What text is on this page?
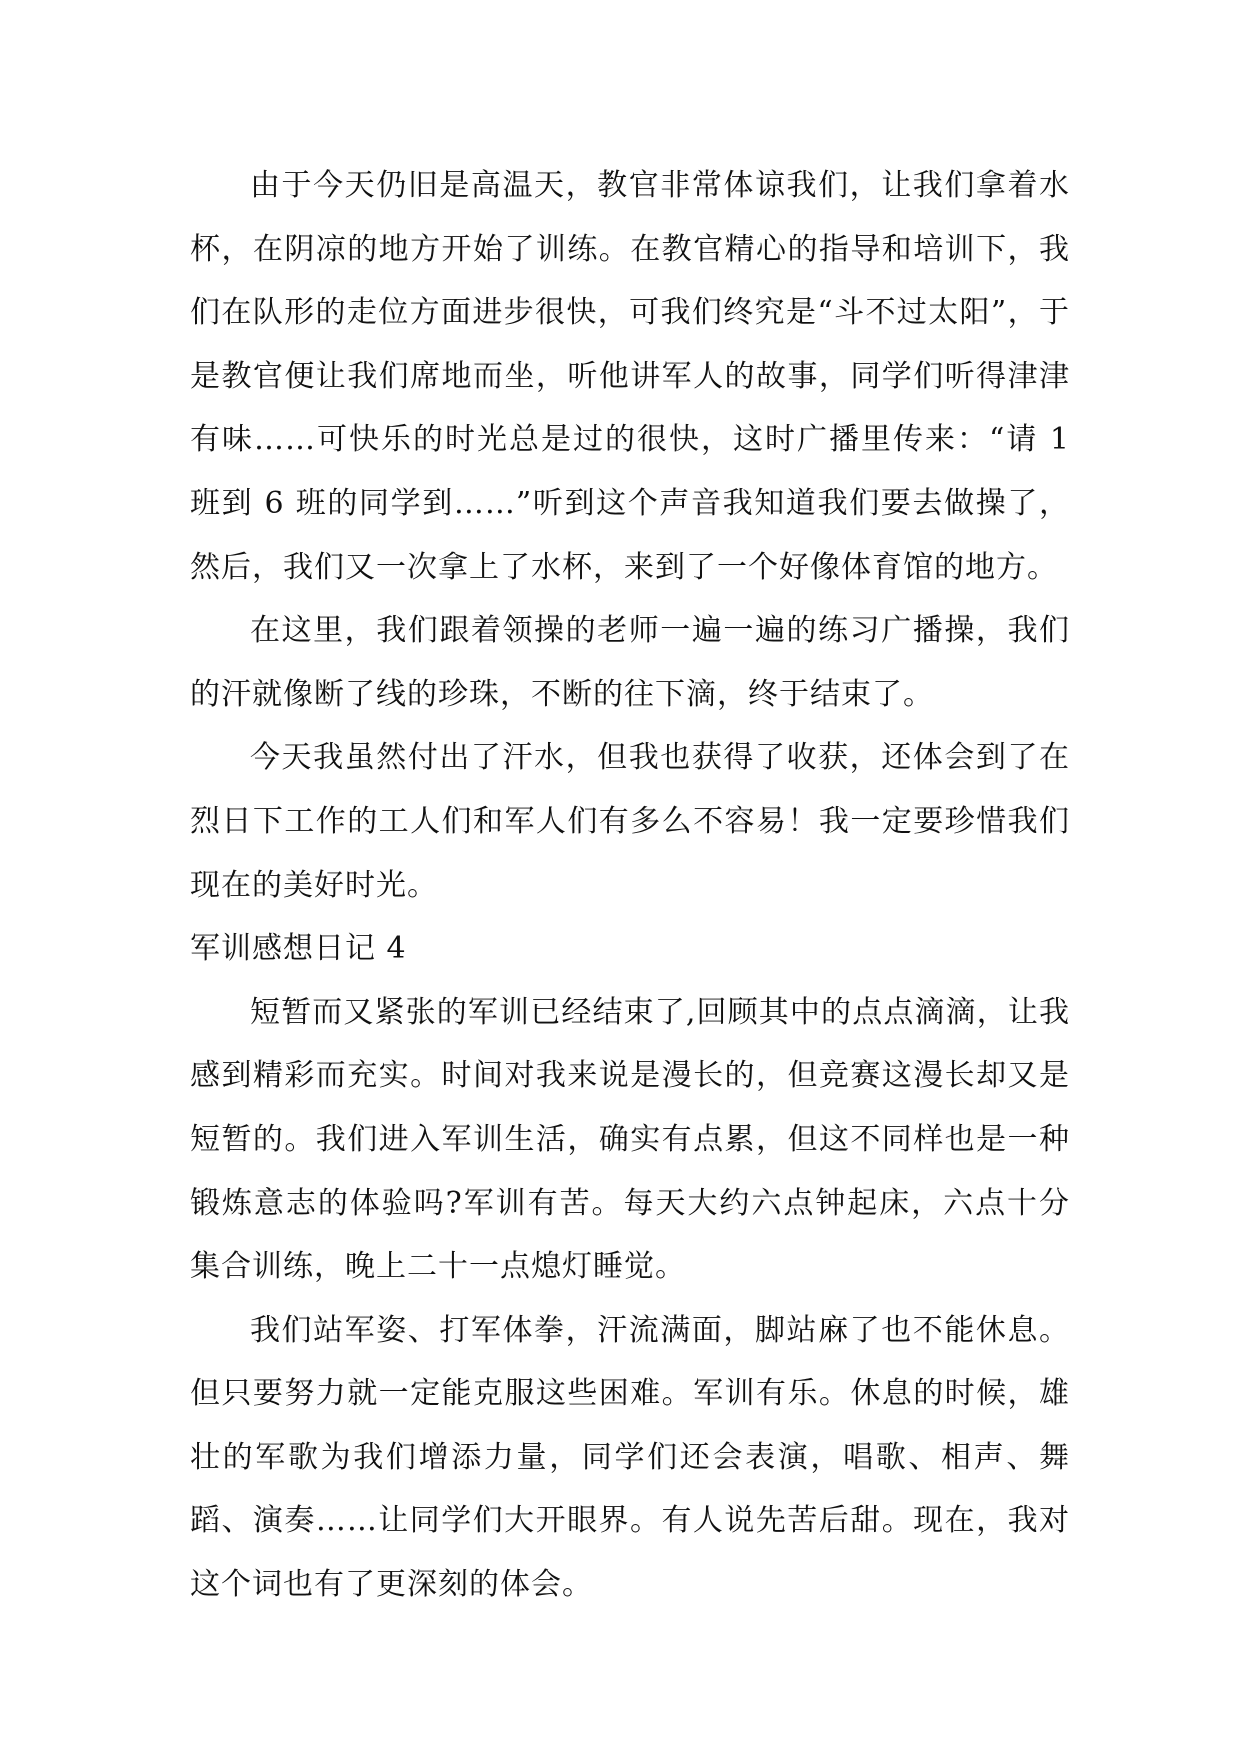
由于今天仍旧是高温天，教官非常体谅我们，让我们拿着水杯，在阴凉的地方开始了训练。在教官精心的指导和培训下，我们在队形的走位方面进步很快，可我们终究是“斗不过太阳”，于是教官便让我们席地而坐，听他讲军人的故事，同学们听得津津有味……可快乐的时光总是过的很快，这时广播里传来：“请 1 班到 6 班的同学到……”听到这个声音我知道我们要去做操了，然后，我们又一次拿上了水杯，来到了一个好像体育馆的地方。

在这里，我们跟着领操的老师一遍一遍的练习广播操，我们的汗就像断了线的珍珠，不断的往下滴，终于结束了。

今天我虽然付出了汗水，但我也获得了收获，还体会到了在烈日下工作的工人们和军人们有多么不容易！我一定要珍惜我们现在的美好时光。

军训感想日记 4

短暂而又紧张的军训已经结束了,回顾其中的点点滴滴，让我感到精彩而充实。时间对我来说是漫长的，但竞赛这漫长却又是短暂的。我们进入军训生活，确实有点累，但这不同样也是一种锻炼意志的体验吗?军训有苦。每天大约六点钟起床，六点十分集合训练，晚上二十一点熄灯睡觉。

我们站军姿、打军体拳，汗流满面，脚站麻了也不能休息。但只要努力就一定能克服这些困难。军训有乐。休息的时候，雄壮的军歌为我们增添力量，同学们还会表演，唱歌、相声、舞蹈、演奏……让同学们大开眼界。有人说先苦后甜。现在，我对这个词也有了更深刻的体会。
